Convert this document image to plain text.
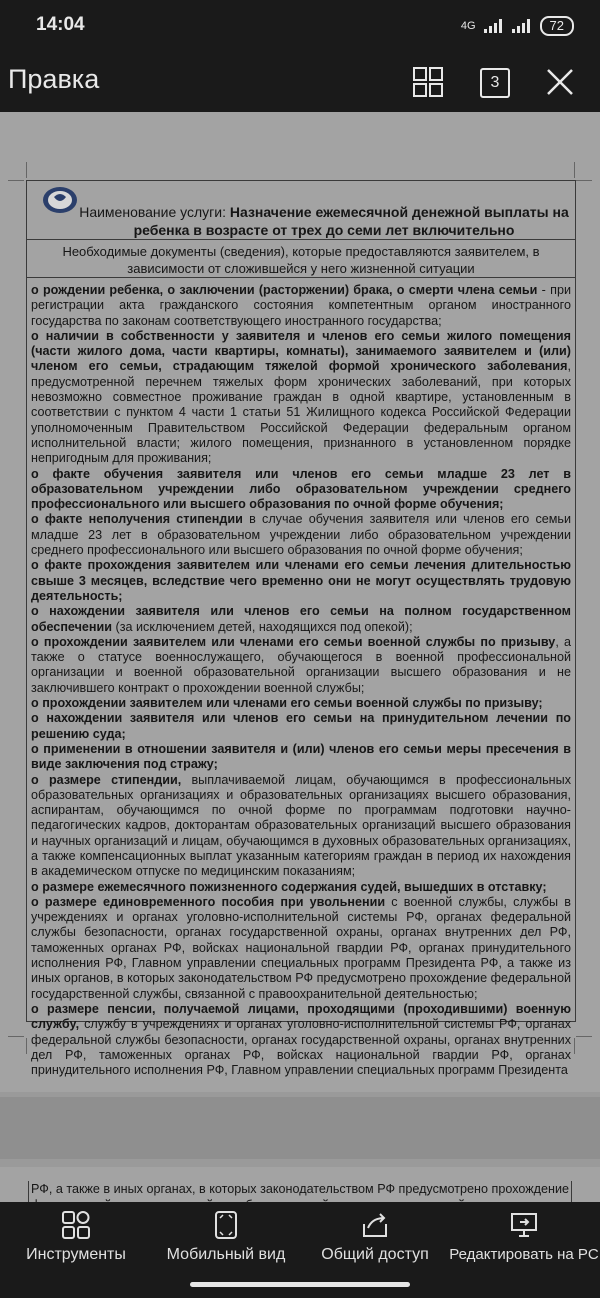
14:04	4G	72
Правка	3
Наименование услуги: Назначение ежемесячной денежной выплаты на ребенка в возрасте от трех до семи лет включительно
Необходимые документы (сведения), которые предоставляются заявителем, в зависимости от сложившейся у него жизненной ситуации

о рождении ребенка, о заключении (расторжении) брака, о смерти члена семьи - при регистрации акта гражданского состояния компетентным органом иностранного государства по законам соответствующего иностранного государства;

о наличии в собственности у заявителя и членов его семьи жилого помещения (части жилого дома, части квартиры, комнаты), занимаемого заявителем и (или) членом его семьи, страдающим тяжелой формой хронического заболевания, предусмотренной перечнем тяжелых форм хронических заболеваний, при которых невозможно совместное проживание граждан в одной квартире, установленным в соответствии с пунктом 4 части 1 статьи 51 Жилищного кодекса Российской Федерации уполномоченным Правительством Российской Федерации федеральным органом исполнительной власти; жилого помещения, признанного в установленном порядке непригодным для проживания;

о факте обучения заявителя или членов его семьи младше 23 лет в образовательном учреждении либо образовательном учреждении среднего профессионального или высшего образования по очной форме обучения;

о факте неполучения стипендии в случае обучения заявителя или членов его семьи младше 23 лет в образовательном учреждении либо образовательном учреждении среднего профессионального или высшего образования по очной форме обучения;

о факте прохождения заявителем или членами его семьи лечения длительностью свыше 3 месяцев, вследствие чего временно они не могут осуществлять трудовую деятельность;

о нахождении заявителя или членов его семьи на полном государственном обеспечении (за исключением детей, находящихся под опекой);

о прохождении заявителем или членами его семьи военной службы по призыву, а также о статусе военнослужащего, обучающегося в военной профессиональной организации и военной образовательной организации высшего образования и не заключившего контракт о прохождении военной службы;

о прохождении заявителем или членами его семьи военной службы по призыву;

о нахождении заявителя или членов его семьи на принудительном лечении по решению суда;

о применении в отношении заявителя и (или) членов его семьи меры пресечения в виде заключения под стражу;

о размере стипендии, выплачиваемой лицам, обучающимся в профессиональных образовательных организациях и образовательных организациях высшего образования, аспирантам, обучающимся по очной форме по программам подготовки научно-педагогических кадров, докторантам образовательных организаций высшего образования и научных организаций и лицам, обучающимся в духовных образовательных организациях, а также компенсационных выплат указанным категориям граждан в период их нахождения в академическом отпуске по медицинским показаниям;

о размере ежемесячного пожизненного содержания судей, вышедших в отставку;

о размере единовременного пособия при увольнении с военной службы, службы в учреждениях и органах уголовно-исполнительной системы РФ, органах федеральной службы безопасности, органах государственной охраны, органах внутренних дел РФ, таможенных органах РФ, войсках национальной гвардии РФ, органах принудительного исполнения РФ, Главном управлении специальных программ Президента РФ, а также из иных органов, в которых законодательством РФ предусмотрено прохождение федеральной государственной службы, связанной с правоохранительной деятельностью;

о размере пенсии, получаемой лицами, проходящими (проходившими) военную службу, службу в учреждениях и органах уголовно-исполнительной системы РФ, органах федеральной службы безопасности, органах государственной охраны, органах внутренних дел РФ, таможенных органах РФ, войсках национальной гвардии РФ, органах принудительного исполнения РФ, Главном управлении специальных программ Президента

РФ, а также в иных органах, в которых законодательством РФ предусмотрено прохождение
Инструменты	Мобильный вид	Общий доступ	Редактировать на PC
